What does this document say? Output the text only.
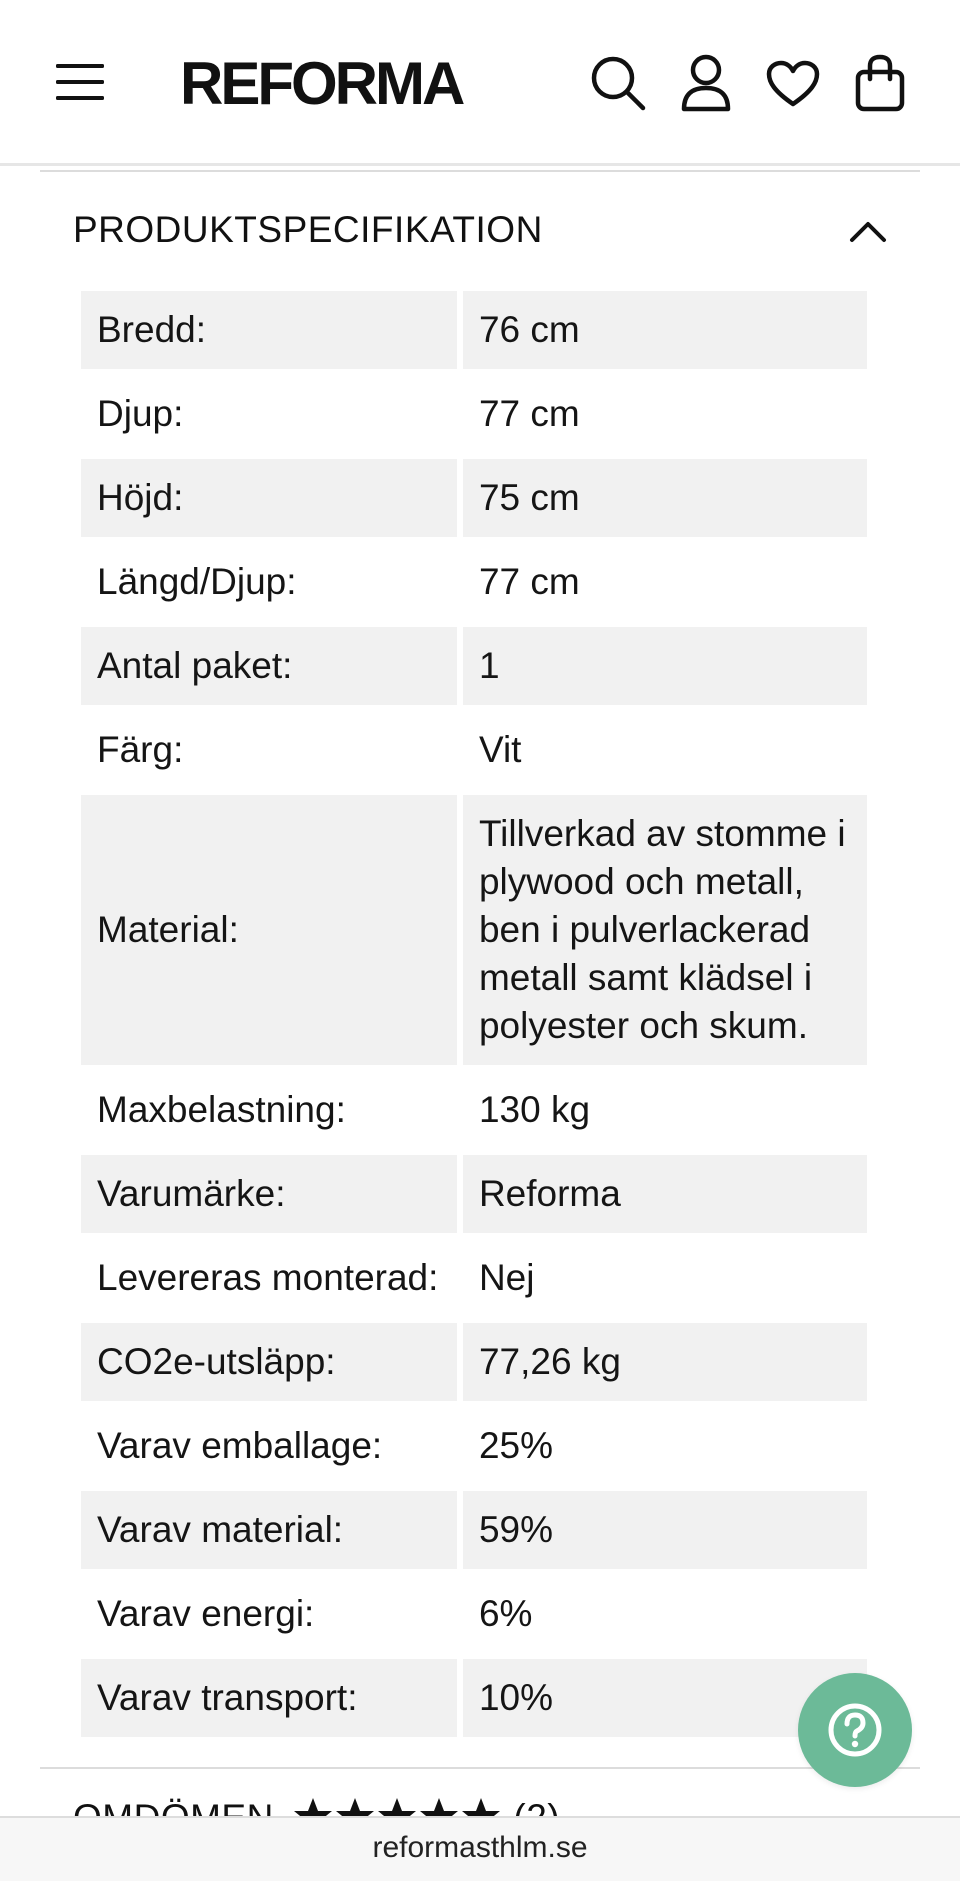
REFORMA
PRODUKTSPECIFIKATION
Bredd:	76 cm
Djup:	77 cm
Höjd:	75 cm
Längd/Djup:	77 cm
Antal paket:	1
Färg:	Vit
Material:	Tillverkad av stomme i plywood och metall, ben i pulverlackerad metall samt klädsel i polyester och skum.
Maxbelastning:	130 kg
Varumärke:	Reforma
Levereras monterad:	Nej
CO2e-utsläpp:	77,26 kg
Varav emballage:	25%
Varav material:	59%
Varav energi:	6%
Varav transport:	10%
reformasthlm.se
